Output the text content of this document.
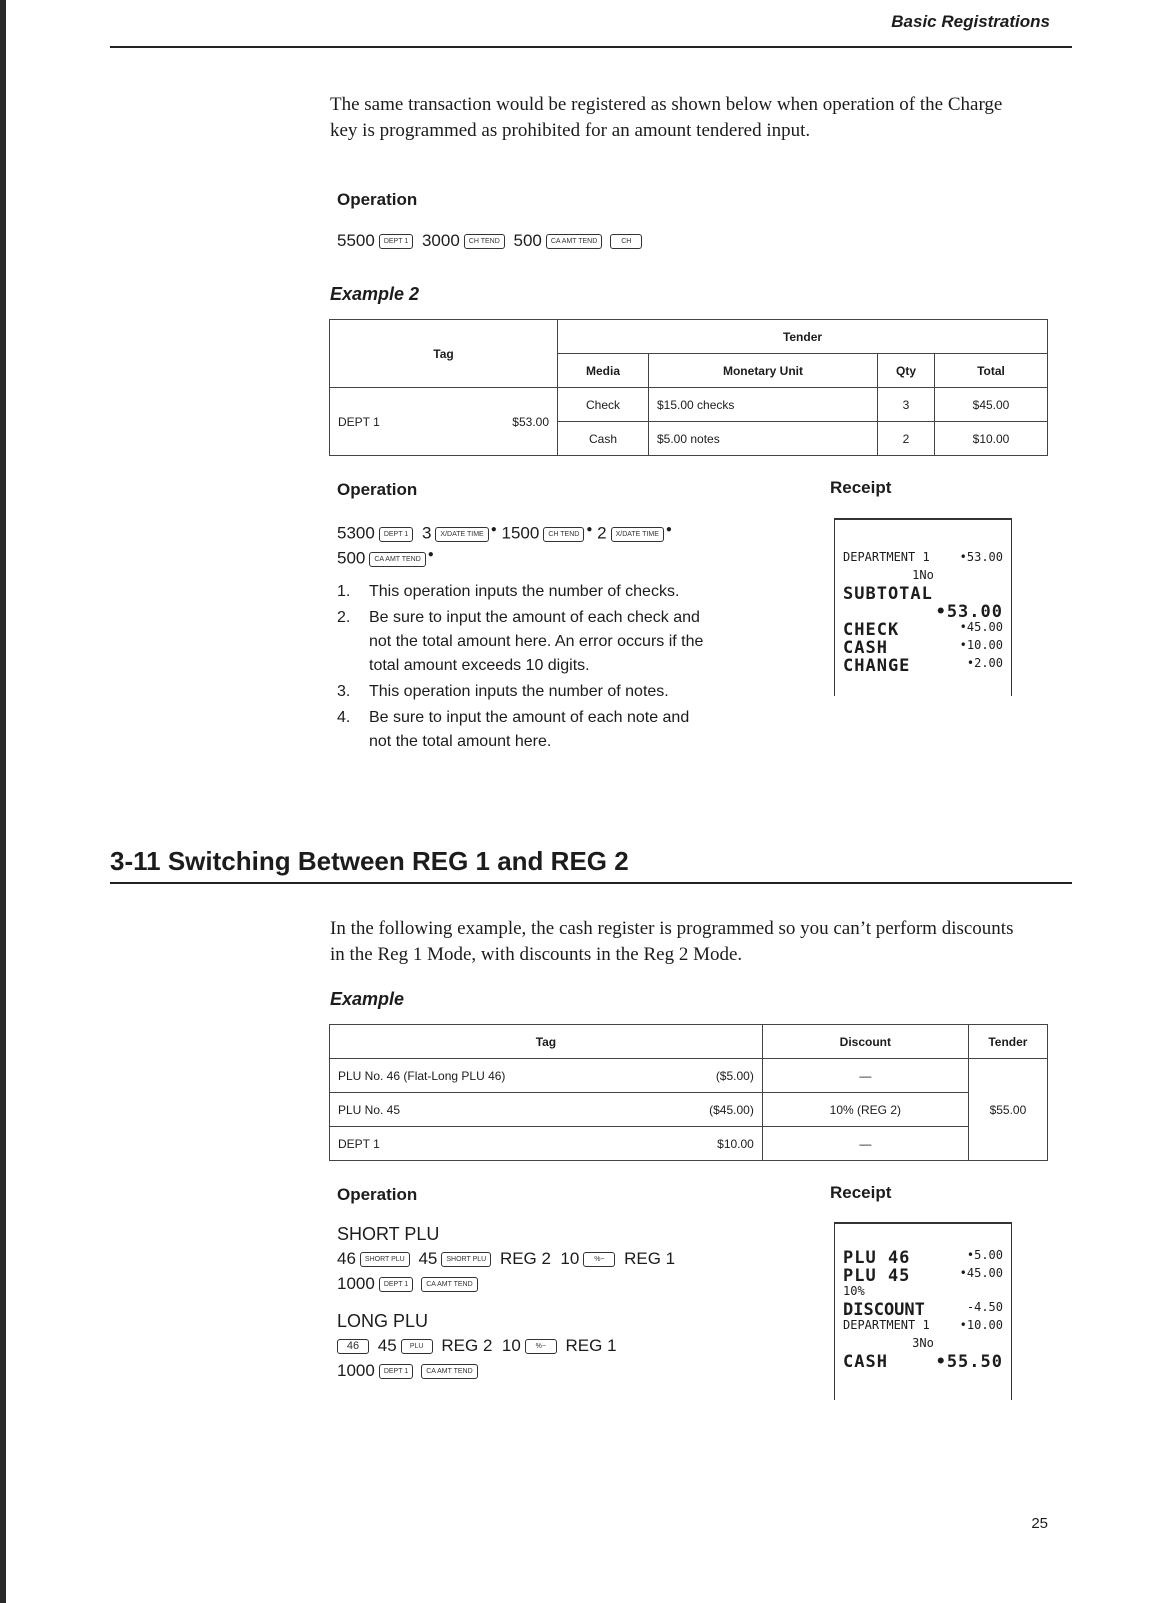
Basic Registrations
The same transaction would be registered as shown below when operation of the Charge key is programmed as prohibited for an amount tendered input.
Operation
5500 DEPT 1 3000 CH TEND 500 CA AMT TEND	CH
Example 2
Tag		Tender			
		Media	Monetary Unit	Qty	Total
DEPT 1	$53.00	Check	$15.00 checks	3	$45.00
		Cash	$5.00 notes	2	$10.00
Operation
5300 DEPT 1 3 X/DATE TIME ● 1500 CH TEND ● 2 X/DATE TIME ●
500 CA AMT TEND ●
1. This operation inputs the number of checks.
2. Be sure to input the amount of each check and not the total amount here. An error occurs if the total amount exceeds 10 digits.
3. This operation inputs the number of notes.
4. Be sure to input the amount of each note and not the total amount here.
Receipt
DEPARTMENT 1 •53.00
1No
SUBTOTAL
•53.00
CHECK	•45.00
CASH	•10.00
CHANGE	•2.00
3-11 Switching Between REG 1 and REG 2
In the following example, the cash register is programmed so you can’t perform discounts in the Reg 1 Mode, with discounts in the Reg 2 Mode.
Example
Tag		Discount	Tender
PLU No. 46 (Flat-Long PLU 46)	($5.00)	—	$55.00
PLU No. 45	($45.00)	10% (REG 2)	
DEPT 1	$10.00	—	
Operation
SHORT PLU
46 SHORT PLU 45 SHORT PLU REG 2 10 %− REG 1
1000 DEPT 1	CA AMT TEND
LONG PLU
46 45 PLU REG 2 10 %− REG 1
1000 DEPT 1	CA AMT TEND
Receipt
PLU 46	•5.00
PLU 45	•45.00
10%
DISCOUNT	-4.50
DEPARTMENT 1 •10.00
3No
CASH	•55.50
25
